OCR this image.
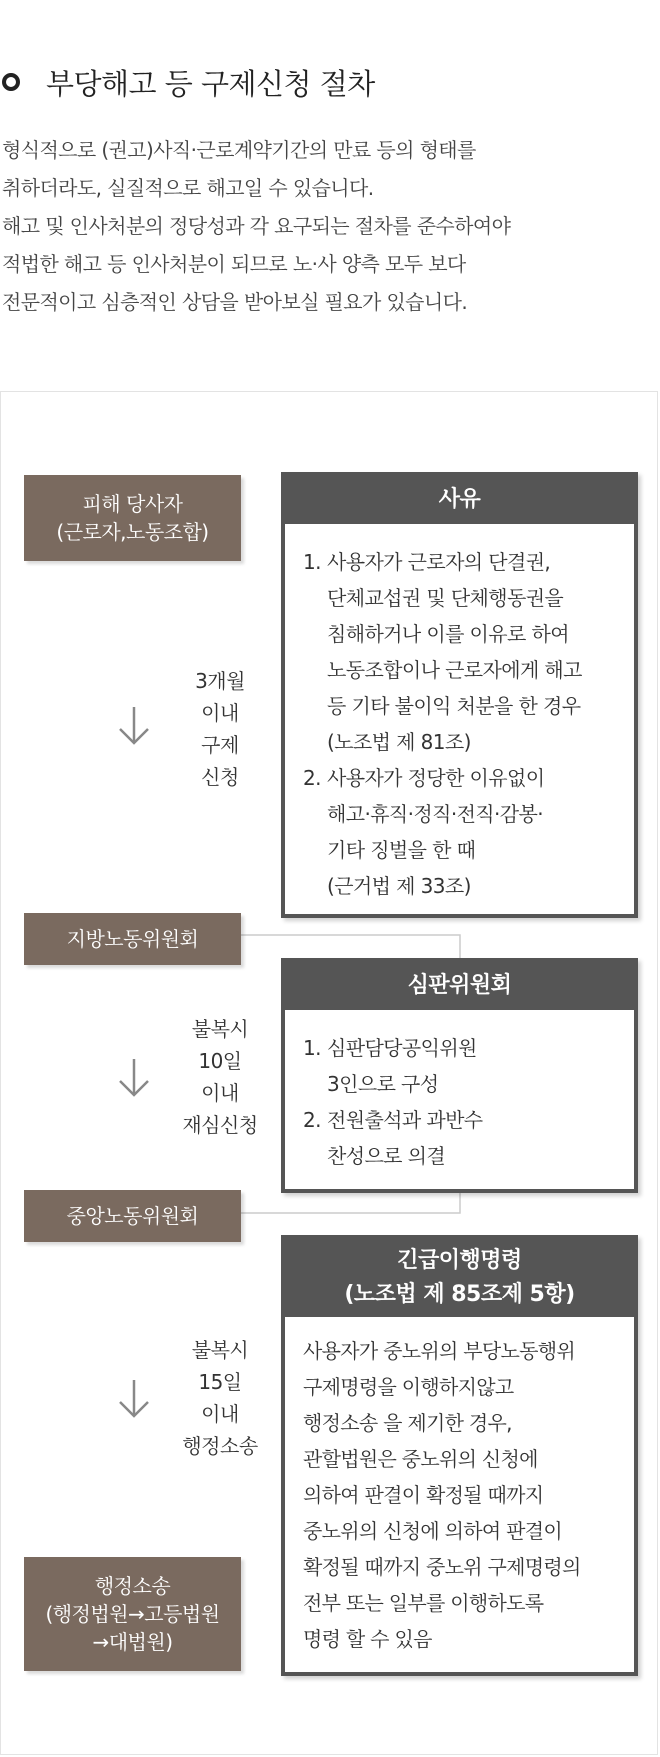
부당해고 등 구제신청 절차

형식적으로 (권고)사직·근로계약기간의 만료 등의 형태를

취하더라도, 실질적으로 해고일 수 있습니다.

해고 및 인사처분의 정당성과 각 요구되는 절차를 준수하여야

적법한 해고 등 인사처분이 되므로 노·사 양측 모두 보다

전문적이고 심층적인 상담을 받아보실 필요가 있습니다.

피해 당사자
(근로자,노동조합)
지방노동위원회
중앙노동위원회
행정소송
(행정법원→고등법원
→대법원)
3개월
이내
구제
신청
불복시
10일
이내
재심신청
불복시
15일
이내
행정소송
사유
1. 사용자가 근로자의 단결권,
단체교섭권 및 단체행동권을
침해하거나 이를 이유로 하여
노동조합이나 근로자에게 해고
등 기타 불이익 처분을 한 경우
(노조법 제 81조)
2. 사용자가 정당한 이유없이
해고·휴직·정직·전직·감봉·
기타 징벌을 한 때
(근거법 제 33조)
심판위원회
1. 심판담당공익위원
3인으로 구성
2. 전원출석과 과반수
찬성으로 의결
긴급이행명령
(노조법 제 85조제 5항)
사용자가 중노위의 부당노동행위
구제명령을 이행하지않고
행정소송 을 제기한 경우,
관할법원은 중노위의 신청에
의하여 판결이 확정될 때까지
중노위의 신청에 의하여 판결이
확정될 때까지 중노위 구제명령의
전부 또는 일부를 이행하도록
명령 할 수 있음
